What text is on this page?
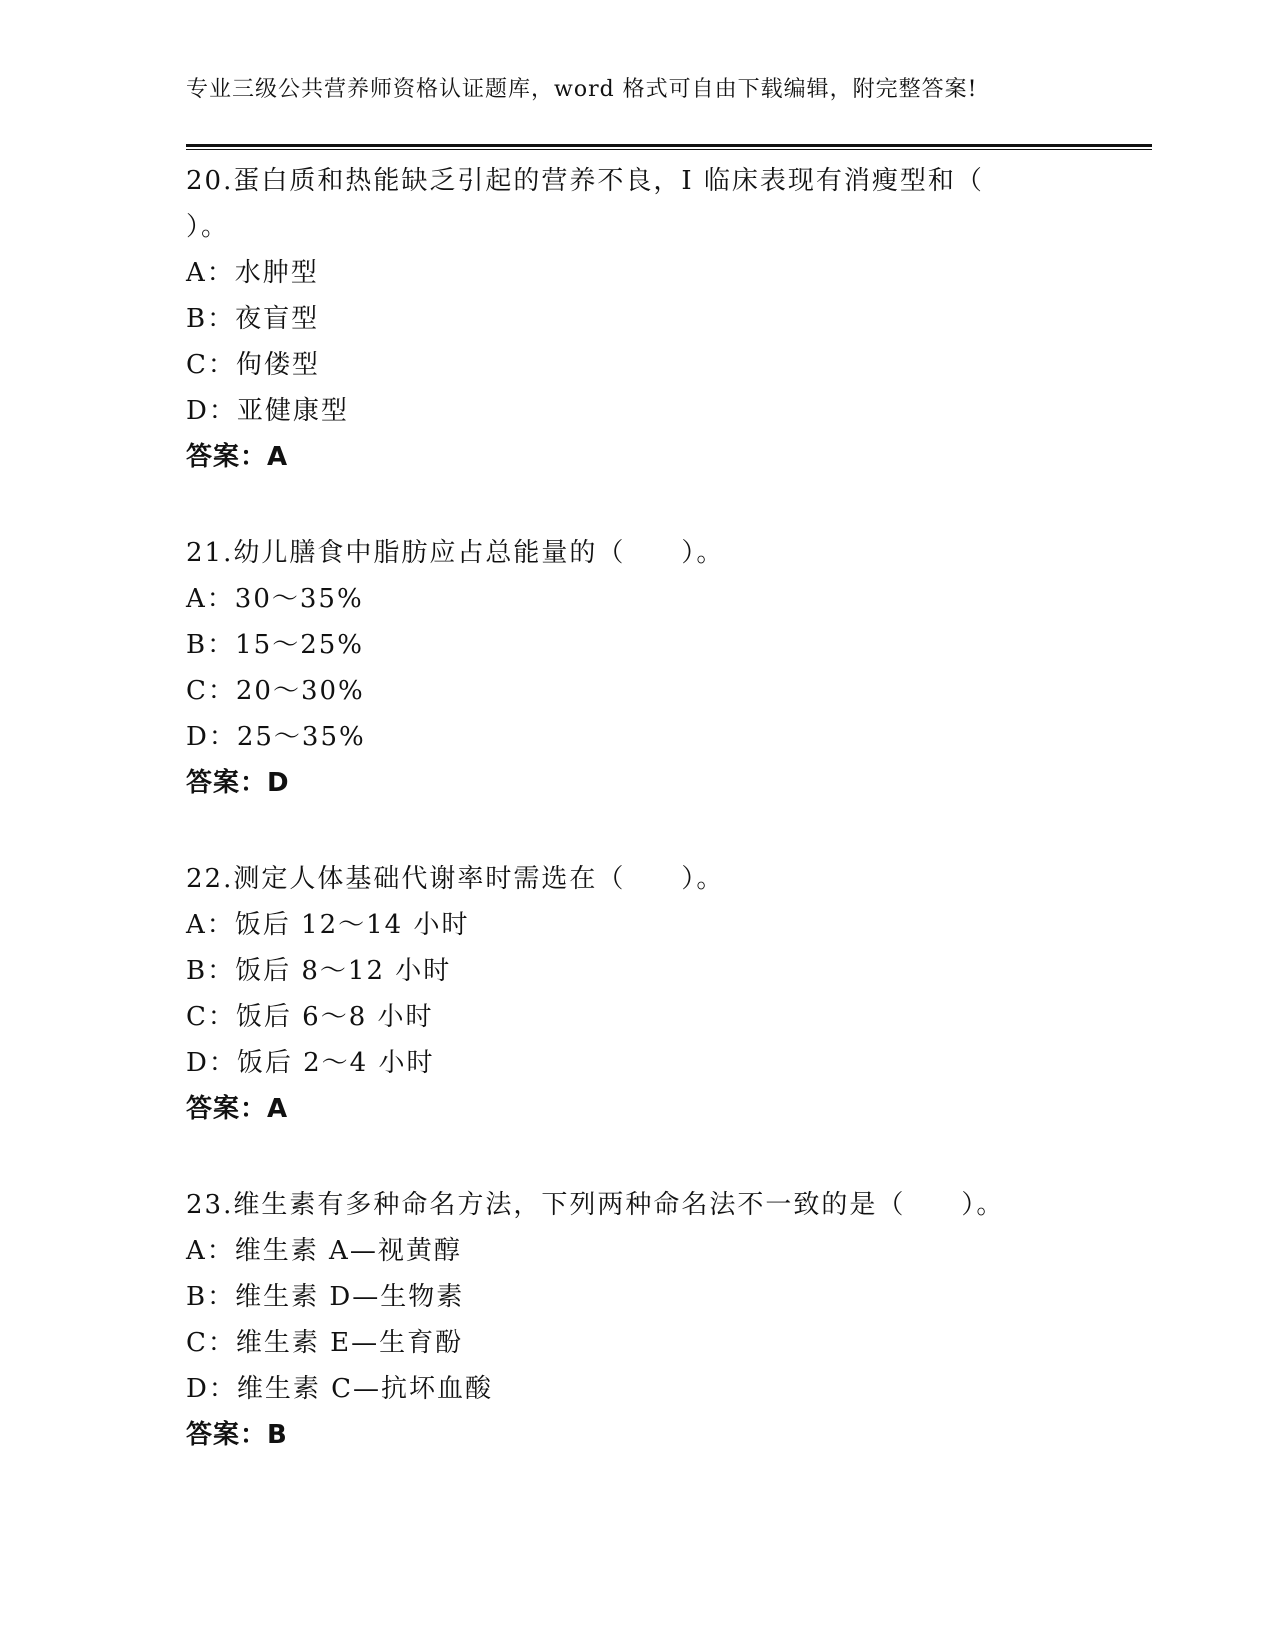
专业三级公共营养师资格认证题库，word 格式可自由下载编辑，附完整答案!
20.蛋白质和热能缺乏引起的营养不良，I 临床表现有消瘦型和（
）。
A：水肿型
B：夜盲型
C：佝偻型
D：亚健康型
答案：A
21.幼儿膳食中脂肪应占总能量的（　　）。
A：30～35%
B：15～25%
C：20～30%
D：25～35%
答案：D
22.测定人体基础代谢率时需选在（　　）。
A：饭后 12～14 小时
B：饭后 8～12 小时
C：饭后 6～8 小时
D：饭后 2～4 小时
答案：A
23.维生素有多种命名方法，下列两种命名法不一致的是（　　）。
A：维生素 A—视黄醇
B：维生素 D—生物素
C：维生素 E—生育酚
D：维生素 C—抗坏血酸
答案：B
